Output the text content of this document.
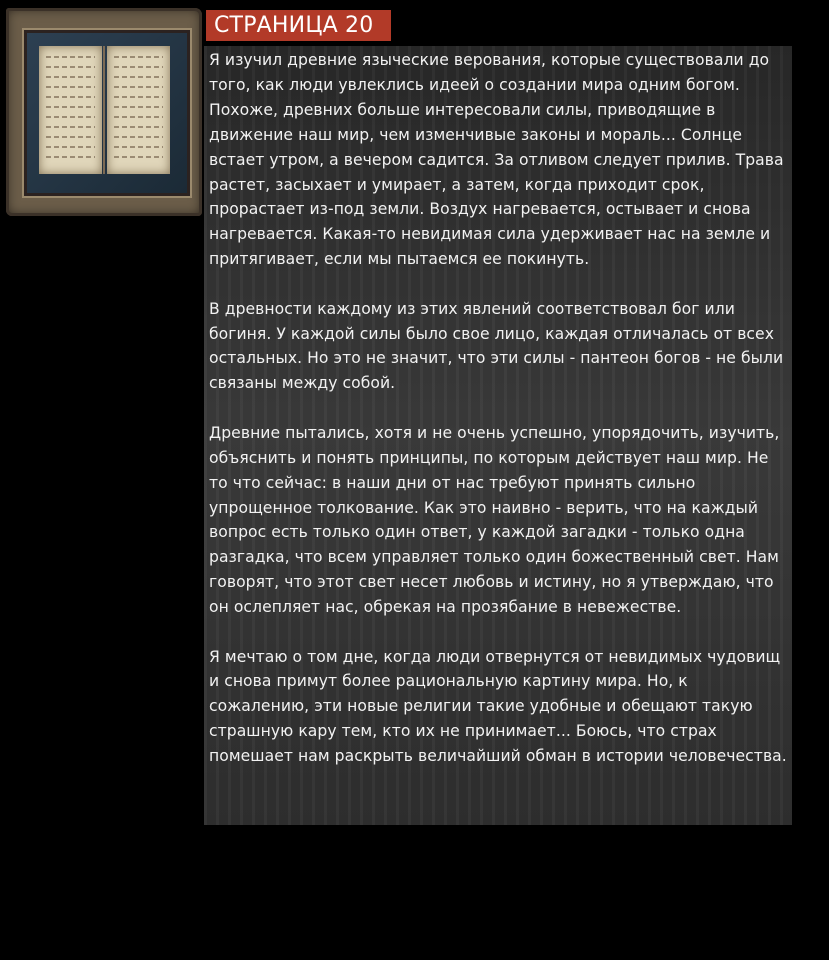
СТРАНИЦА 20

Я изучил древние языческие верования, которые существовали до того, как люди увлеклись идеей о создании мира одним богом. Похоже, древних больше интересовали силы, приводящие в движение наш мир, чем изменчивые законы и мораль... Солнце встает утром, а вечером садится. За отливом следует прилив. Трава растет, засыхает и умирает, а затем, когда приходит срок, прорастает из-под земли. Воздух нагревается, остывает и снова нагревается. Какая-то невидимая сила удерживает нас на земле и притягивает, если мы пытаемся ее покинуть.

В древности каждому из этих явлений соответствовал бог или богиня. У каждой силы было свое лицо, каждая отличалась от всех остальных. Но это не значит, что эти силы - пантеон богов - не были связаны между собой.

Древние пытались, хотя и не очень успешно, упорядочить, изучить, объяснить и понять принципы, по которым действует наш мир. Не то что сейчас: в наши дни от нас требуют принять сильно упрощенное толкование. Как это наивно - верить, что на каждый вопрос есть только один ответ, у каждой загадки - только одна разгадка, что всем управляет только один божественный свет. Нам говорят, что этот свет несет любовь и истину, но я утверждаю, что он ослепляет нас, обрекая на прозябание в невежестве.

Я мечтаю о том дне, когда люди отвернутся от невидимых чудовищ и снова примут более рациональную картину мира. Но, к сожалению, эти новые религии такие удобные и обещают такую страшную кару тем, кто их не принимает... Боюсь, что страх помешает нам раскрыть величайший обман в истории человечества.
